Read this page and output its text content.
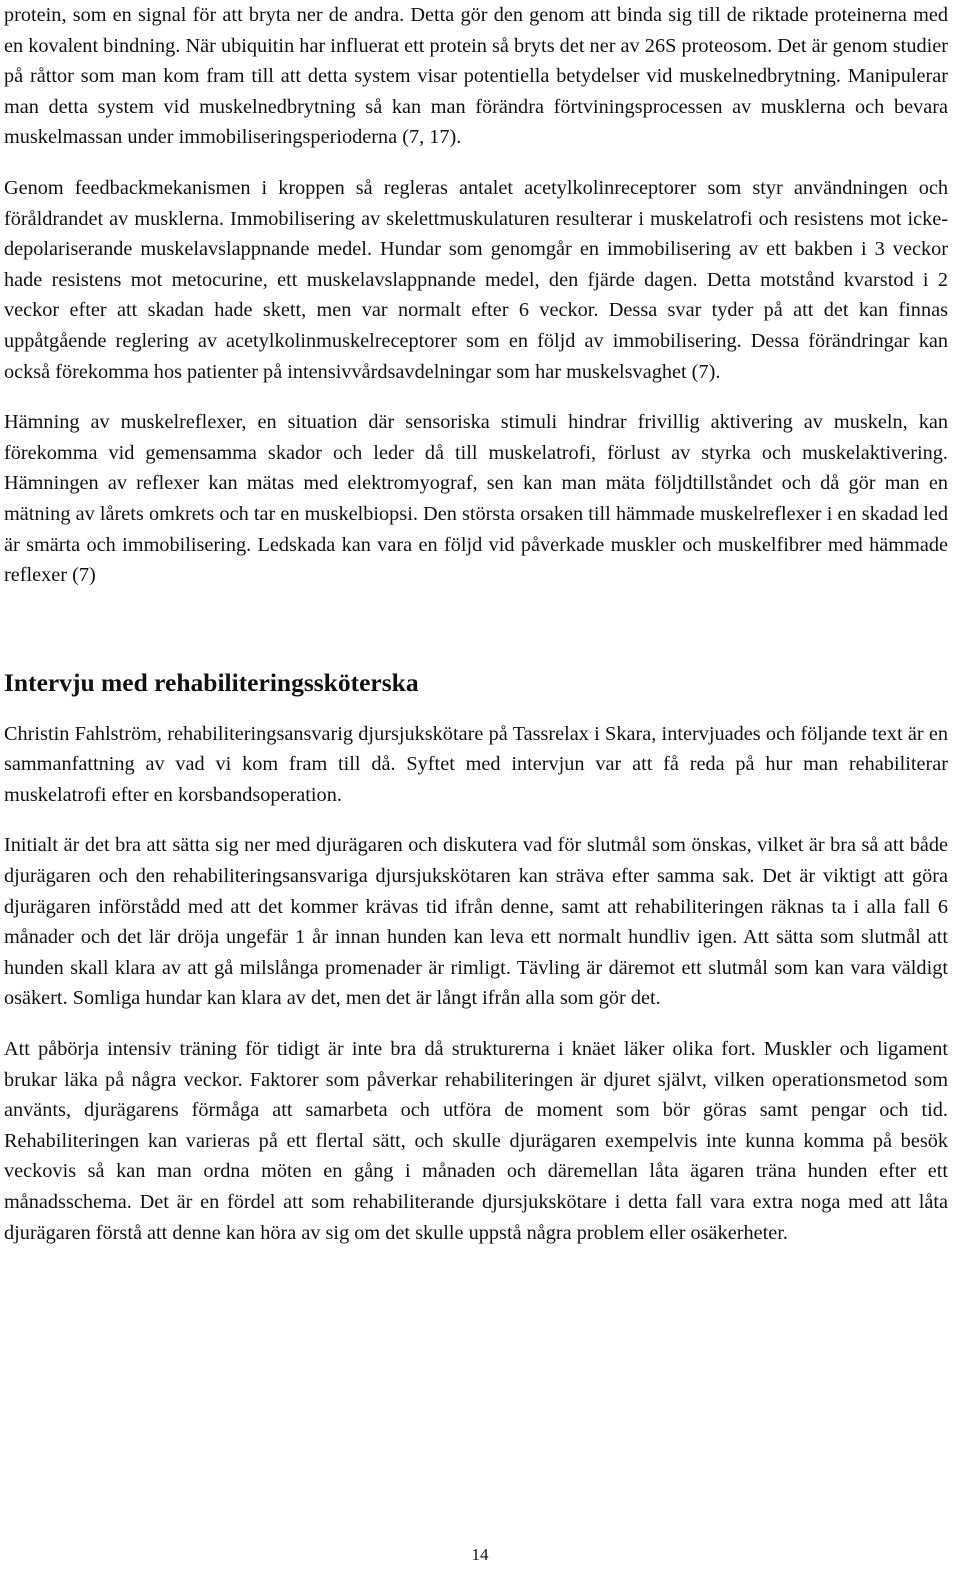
protein, som en signal för att bryta ner de andra. Detta gör den genom att binda sig till de riktade proteinerna med en kovalent bindning. När ubiquitin har influerat ett protein så bryts det ner av 26S proteosom. Det är genom studier på råttor som man kom fram till att detta system visar potentiella betydelser vid muskelnedbrytning. Manipulerar man detta system vid muskelnedbrytning så kan man förändra förtviningsprocessen av musklerna och bevara muskelmassan under immobiliseringsperioderna (7, 17).

Genom feedbackmekanismen i kroppen så regleras antalet acetylkolinreceptorer som styr användningen och föråldrandet av musklerna. Immobilisering av skelettmuskulaturen resulterar i muskelatrofi och resistens mot icke-depolariserande muskelavslappnande medel. Hundar som genomgår en immobilisering av ett bakben i 3 veckor hade resistens mot metocurine, ett muskelavslappnande medel, den fjärde dagen. Detta motstånd kvarstod i 2 veckor efter att skadan hade skett, men var normalt efter 6 veckor. Dessa svar tyder på att det kan finnas uppåtgående reglering av acetylkolinmuskelreceptorer som en följd av immobilisering. Dessa förändringar kan också förekomma hos patienter på intensivvårdsavdelningar som har muskelsvaghet (7).

Hämning av muskelreflexer, en situation där sensoriska stimuli hindrar frivillig aktivering av muskeln, kan förekomma vid gemensamma skador och leder då till muskelatrofi, förlust av styrka och muskelaktivering. Hämningen av reflexer kan mätas med elektromyograf, sen kan man mäta följdtillståndet och då gör man en mätning av lårets omkrets och tar en muskelbiopsi. Den största orsaken till hämmade muskelreflexer i en skadad led är smärta och immobilisering. Ledskada kan vara en följd vid påverkade muskler och muskelfibrer med hämmade reflexer (7)

Intervju med rehabiliteringssköterska

Christin Fahlström, rehabiliteringsansvarig djursjukskötare på Tassrelax i Skara, intervjuades och följande text är en sammanfattning av vad vi kom fram till då. Syftet med intervjun var att få reda på hur man rehabiliterar muskelatrofi efter en korsbandsoperation.

Initialt är det bra att sätta sig ner med djurägaren och diskutera vad för slutmål som önskas, vilket är bra så att både djurägaren och den rehabiliteringsansvariga djursjukskötaren kan sträva efter samma sak. Det är viktigt att göra djurägaren införstådd med att det kommer krävas tid ifrån denne, samt att rehabiliteringen räknas ta i alla fall 6 månader och det lär dröja ungefär 1 år innan hunden kan leva ett normalt hundliv igen. Att sätta som slutmål att hunden skall klara av att gå milslånga promenader är rimligt. Tävling är däremot ett slutmål som kan vara väldigt osäkert. Somliga hundar kan klara av det, men det är långt ifrån alla som gör det.

Att påbörja intensiv träning för tidigt är inte bra då strukturerna i knäet läker olika fort. Muskler och ligament brukar läka på några veckor. Faktorer som påverkar rehabiliteringen är djuret självt, vilken operationsmetod som använts, djurägarens förmåga att samarbeta och utföra de moment som bör göras samt pengar och tid. Rehabiliteringen kan varieras på ett flertal sätt, och skulle djurägaren exempelvis inte kunna komma på besök veckovis så kan man ordna möten en gång i månaden och däremellan låta ägaren träna hunden efter ett månadsschema. Det är en fördel att som rehabiliterande djursjukskötare i detta fall vara extra noga med att låta djurägaren förstå att denne kan höra av sig om det skulle uppstå några problem eller osäkerheter.

14
